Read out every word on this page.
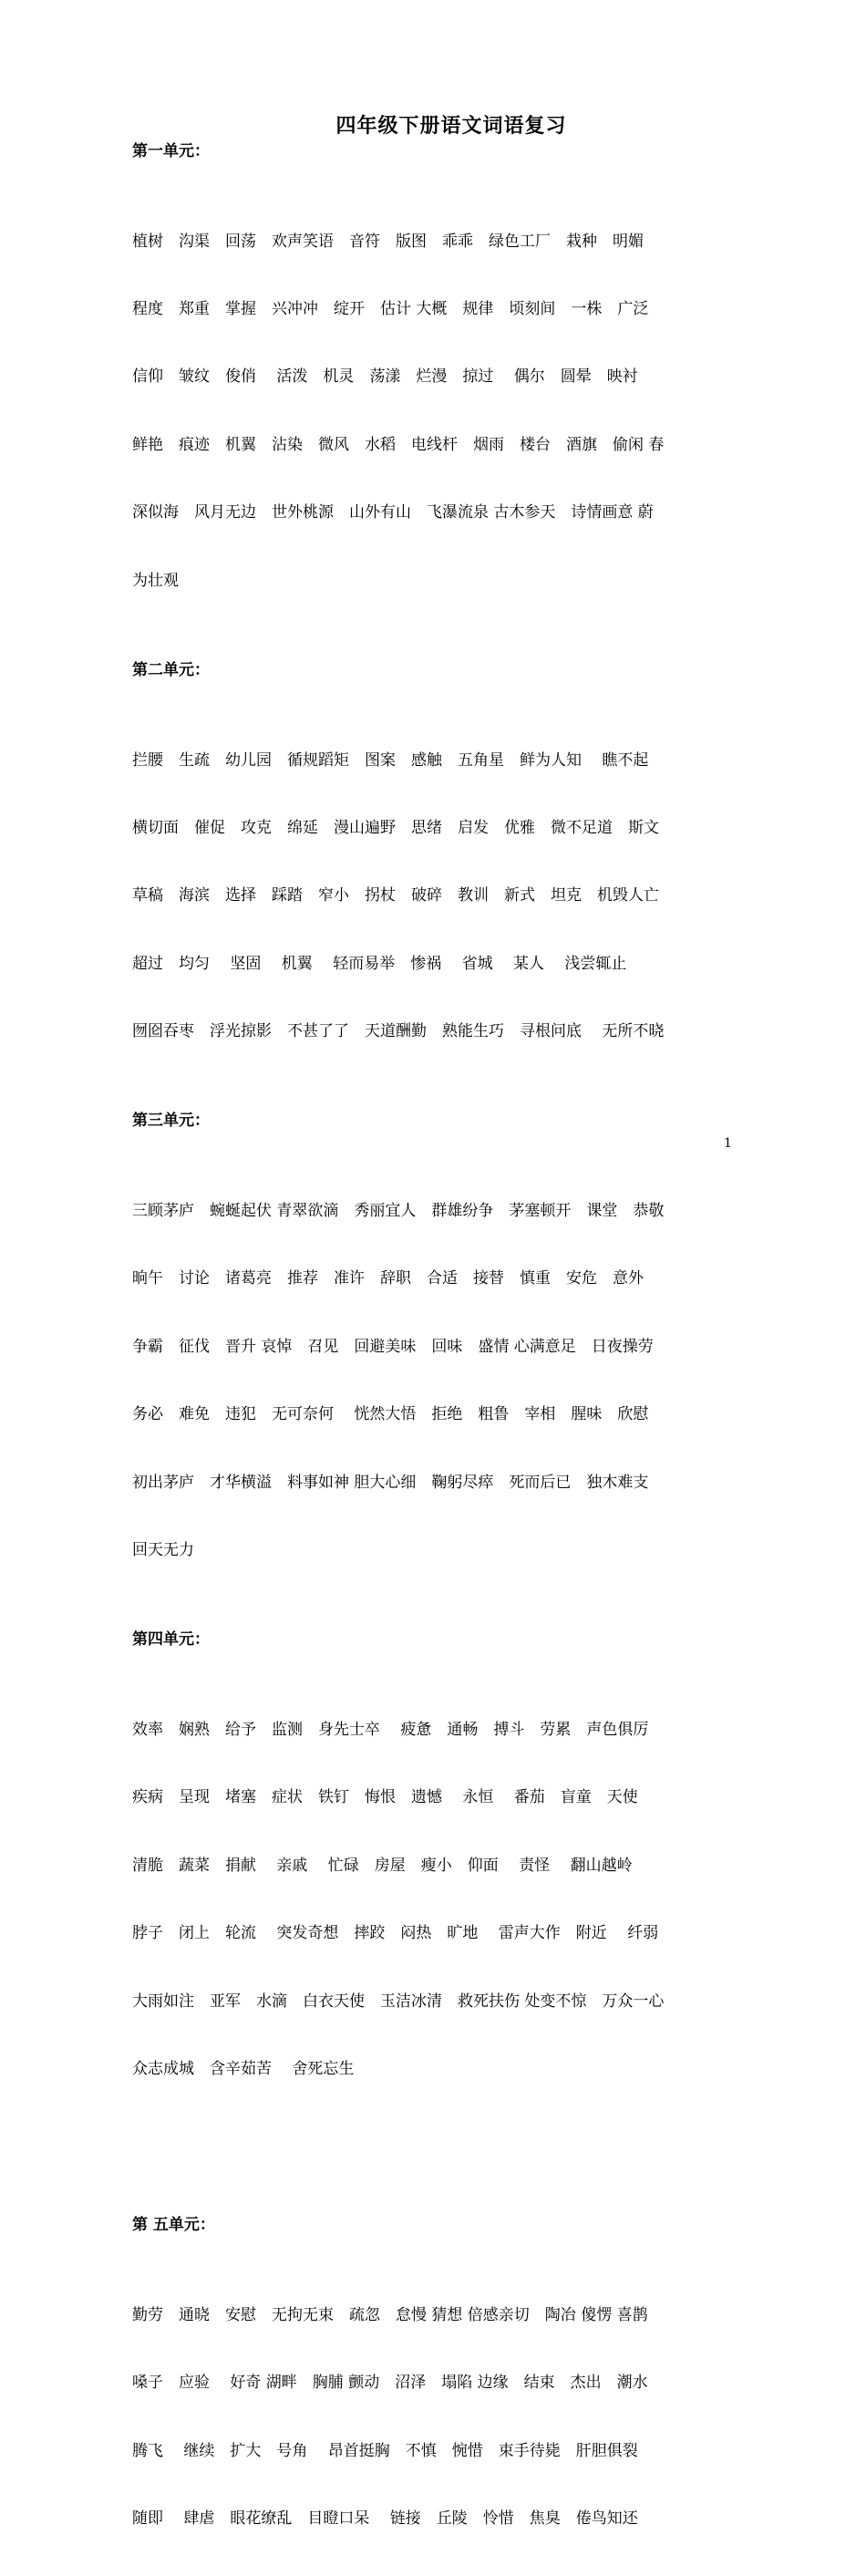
四年级下册语文词语复习
第一单元：

植树　沟渠　回荡　欢声笑语　音符　版图　乖乖　绿色工厂　栽种　明媚

程度　郑重　掌握　兴冲冲　绽开　估计 大概　规律　顷刻间　一株　广泛

信仰　皱纹　俊俏　 活泼　机灵　荡漾　烂漫　掠过　 偶尔　圆晕　映衬

鲜艳　痕迹　机翼　沾染　微风　水稻　电线杆　烟雨　楼台　酒旗　偷闲 春

深似海　风月无边　世外桃源　山外有山　飞瀑流泉 古木参天　诗情画意 蔚

为壮观

第二单元：

拦腰　生疏　幼儿园　循规蹈矩　图案　感触　五角星　鲜为人知　 瞧不起

横切面　催促　攻克　绵延　漫山遍野　思绪　启发　优雅　微不足道　斯文

草稿　海滨　选择　踩踏　窄小　拐杖　破碎　教训　新式　坦克　机毁人亡

超过　均匀　 坚固　 机翼　 轻而易举　惨祸　 省城　 某人　 浅尝辄止

囫囵吞枣　浮光掠影　不甚了了　天道酬勤　熟能生巧　寻根问底　 无所不晓

第三单元：

三顾茅庐　蜿蜒起伏 青翠欲滴　秀丽宜人　群雄纷争　茅塞顿开　课堂　恭敬

晌午　讨论　诸葛亮　推荐　准许　辞职　合适　接替　慎重　安危　意外

争霸　征伐　晋升 哀悼　召见　回避美味　回味　盛情 心满意足　日夜操劳

务必　难免　违犯　无可奈何　 恍然大悟　拒绝　粗鲁　宰相　腥味　欣慰

初出茅庐　才华横溢　料事如神 胆大心细　鞠躬尽瘁　死而后已　独木难支

回天无力

第四单元：

效率　娴熟　给予　监测　身先士卒　 疲惫　通畅　搏斗　劳累　声色俱厉

疾病　呈现　堵塞　症状　铁钉　悔恨　遗憾　 永恒　 番茄　盲童　天使

清脆　蔬菜　捐献　 亲戚　 忙碌　房屋　瘦小　仰面　 责怪　 翻山越岭

脖子　闭上　轮流　 突发奇想　摔跤　闷热　旷地　 雷声大作　附近　 纤弱

大雨如注　亚军　水滴　白衣天使　玉洁冰清　救死扶伤 处变不惊　万众一心

众志成城　含辛茹苦　 舍死忘生

第 五单元：

勤劳　通晓　安慰　无拘无束　疏忽　怠慢 猜想 倍感亲切　陶冶 傻愣 喜鹊

嗓子　应验　 好奇 湖畔　胸脯 颤动　沼泽　塌陷 边缘　结束　杰出　潮水

腾飞　 继续　扩大　号角　 昂首挺胸　不慎　惋惜　束手待毙　肝胆俱裂

随即　 肆虐　眼花缭乱　目瞪口呆　 链接　丘陵　怜惜　焦臭　倦鸟知还

1
